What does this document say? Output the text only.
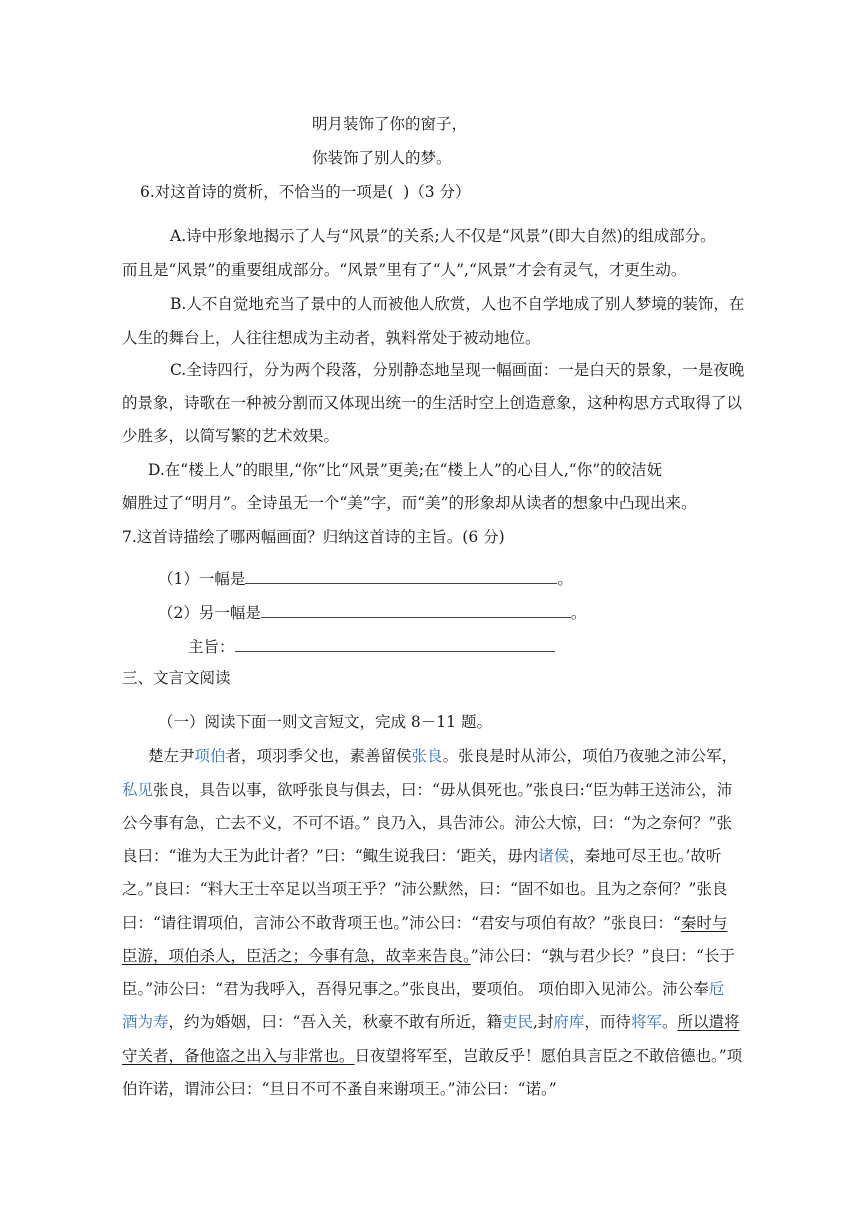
明月装饰了你的窗子，
你装饰了别人的梦。
6.对这首诗的赏析，不恰当的一项是(  )（3 分）
A.诗中形象地揭示了人与“风景”的关系;人不仅是“风景”(即大自然)的组成部分。
而且是“风景”的重要组成部分。“风景”里有了“人”,“风景”才会有灵气，才更生动。
B.人不自觉地充当了景中的人而被他人欣赏，人也不自学地成了别人梦境的装饰，在
人生的舞台上，人往往想成为主动者，孰料常处于被动地位。
C.全诗四行，分为两个段落，分别静态地呈现一幅画面：一是白天的景象，一是夜晚
的景象，诗歌在一种被分割而又体现出统一的生活时空上创造意象，这种构思方式取得了以
少胜多，以简写繁的艺术效果。
D.在“楼上人”的眼里,“你”比“风景”更美;在“楼上人”的心目人,“你”的皎洁妩
媚胜过了“明月”。全诗虽无一个“美”字，而“美”的形象却从读者的想象中凸现出来。
7.这首诗描绘了哪两幅画面？归纳这首诗的主旨。(6 分)
（1）一幅是	。
（2）另一幅是	。
主旨：
三、文言文阅读
（一）阅读下面一则文言短文，完成 8－11 题。
楚左尹项伯者，项羽季父也，素善留侯张良。张良是时从沛公，项伯乃夜驰之沛公军，
私见张良，具告以事，欲呼张良与俱去，曰：“毋从俱死也。”张良曰:“臣为韩王送沛公，沛
公今事有急，亡去不义，不可不语。” 良乃入，具告沛公。沛公大惊，曰：“为之奈何？”张
良曰：“谁为大王为此计者？”曰：“鲰生说我曰：‘距关，毋内诸侯，秦地可尽王也。’故听
之。”良曰：“料大王士卒足以当项王乎？”沛公默然，曰：“固不如也。且为之奈何？”张良
曰：“请往谓项伯，言沛公不敢背项王也。”沛公曰：“君安与项伯有故？”张良曰：“秦时与
臣游，项伯杀人，臣活之；今事有急，故幸来告良。”沛公曰：“孰与君少长？”良曰：“长于
臣。”沛公曰：“君为我呼入，吾得兄事之。”张良出，要项伯。 项伯即入见沛公。沛公奉卮
酒为寿，约为婚姻，曰：“吾入关，秋豪不敢有所近，籍吏民,封府库，而待将军。所以遣将
守关者，备他盗之出入与非常也。日夜望将军至，岂敢反乎！愿伯具言臣之不敢倍德也。”项
伯许诺，谓沛公曰：“旦日不可不蚤自来谢项王。”沛公曰：“诺。”
